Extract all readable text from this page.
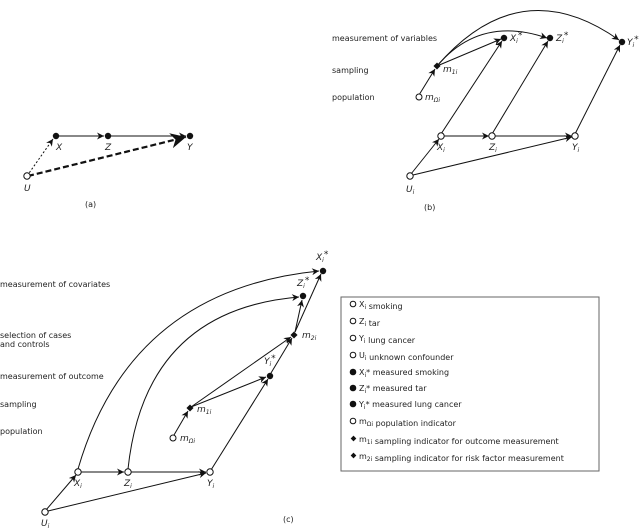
X	Z	Y
U
(a)
measurement of variables
sampling
population
$X_i*$	$Z_i*$
$Y_i*$
$m_{1i}$
$m_{\Omega i}$
$X_i$	$Z_i$	$Y_i$
$U_i$
(b)
measurement of covariates
selection of cases
and controls
measurement of outcome
sampling
population
$X_i*$
$Z_i*$
$m_{2i}$
$Y_i*$
$m_{1i}$
$m_{\Omega i}$
$X_i$	$Z_i$	$Y_i$
$U_i$
(c)
$X_i$ smoking
$Z_i$ tar
$Y_i$ lung cancer
$U_i$ unknown confounder
$X_i*$ measured smoking
$Z_i*$ measured tar
$Y_i*$ measured lung cancer
$m_{\Omega i}$ population indicator
$m_{1i}$ sampling indicator for outcome measurement
$m_{2i}$ sampling indicator for risk factor measurement
